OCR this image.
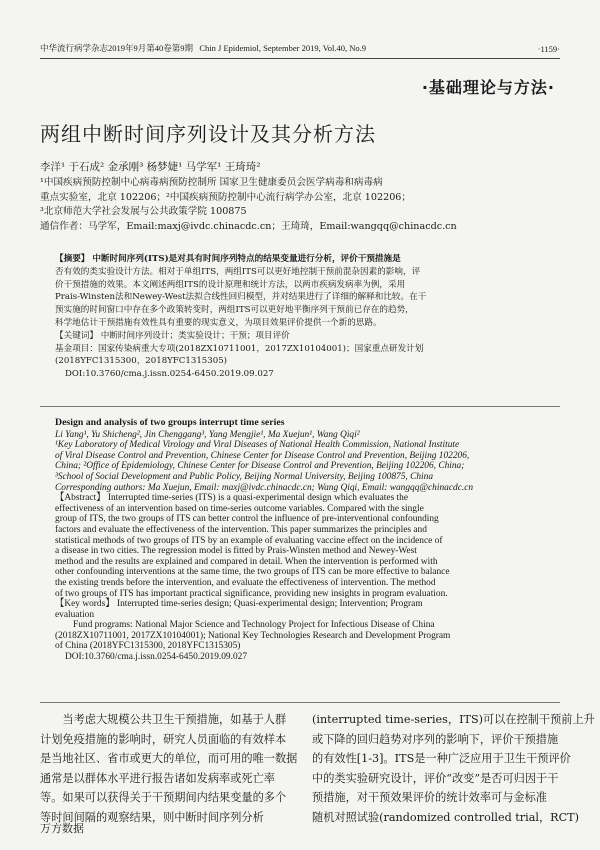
中华流行病学杂志2019年9月第40卷第9期 Chin J Epidemiol, September 2019, Vol.40, No.9	·1159·
·基础理论与方法·
两组中断时间序列设计及其分析方法
李洋¹ 于石成² 金承刚³ 杨梦婕¹ 马学军¹ 王琦琦²
¹中国疾病预防控制中心病毒病预防控制所 国家卫生健康委员会医学病毒和病毒病
重点实验室，北京 102206；²中国疾病预防控制中心流行病学办公室，北京 102206；
³北京师范大学社会发展与公共政策学院 100875
通信作者：马学军，Email:maxj@ivdc.chinacdc.cn；王琦琦，Email:wangqq@chinacdc.cn
【摘要】 中断时间序列(ITS)是对具有时间序列特点的结果变量进行分析，评价干预措施是
否有效的类实验设计方法。相对于单组ITS，两组ITS可以更好地控制干预前混杂因素的影响，评
价干预措施的效果。本文阐述两组ITS的设计原理和统计方法，以两市疾病发病率为例，采用
Prais-Winsten法和Newey-West法拟合线性回归模型，并对结果进行了详细的解释和比较。在干
预实施的时间窗口中存在多个政策转变时，两组ITS可以更好地平衡序列干预前已存在的趋势，
科学地估计干预措施有效性具有重要的现实意义，为项目效果评价提供一个新的思路。
【关键词】 中断时间序列设计；类实验设计；干预；项目评价
基金项目：国家传染病重大专项(2018ZX10711001，2017ZX10104001)；国家重点研发计划
(2018YFC1315300，2018YFC1315305)
DOI:10.3760/cma.j.issn.0254-6450.2019.09.027
Design and analysis of two groups interrupt time series
Li Yang¹, Yu Shicheng², Jin Chenggang³, Yang Mengjie¹, Ma Xuejun¹, Wang Qiqi²
¹Key Laboratory of Medical Virology and Viral Diseases of National Health Commission, National Institute
of Viral Disease Control and Prevention, Chinese Center for Disease Control and Prevention, Beijing 102206,
China; ²Office of Epidemiology, Chinese Center for Disease Control and Prevention, Beijing 102206, China;
³School of Social Development and Public Policy, Beijing Normal University, Beijing 100875, China
Corresponding authors: Ma Xuejun, Email: maxj@ivdc.chinacdc.cn; Wang Qiqi, Email: wangqq@chinacdc.cn
【Abstract】 Interrupted time-series (ITS) is a quasi-experimental design which evaluates the
effectiveness of an intervention based on time-series outcome variables. Compared with the single
group of ITS, the two groups of ITS can better control the influence of pre-interventional confounding
factors and evaluate the effectiveness of the intervention. This paper summarizes the principles and
statistical methods of two groups of ITS by an example of evaluating vaccine effect on the incidence of
a disease in two cities. The regression model is fitted by Prais-Winsten method and Newey-West
method and the results are explained and compared in detail. When the intervention is performed with
other confounding interventions at the same time, the two groups of ITS can be more effective to balance
the existing trends before the intervention, and evaluate the effectiveness of intervention. The method
of two groups of ITS has important practical significance, providing new insights in program evaluation.
【Key words】 Interrupted time-series design; Quasi-experimental design; Intervention; Program
evaluation
Fund programs: National Major Science and Technology Project for Infectious Disease of China
(2018ZX10711001, 2017ZX10104001); National Key Technologies Research and Development Program
of China (2018YFC1315300, 2018YFC1315305)
DOI:10.3760/cma.j.issn.0254-6450.2019.09.027
　　当考虑大规模公共卫生干预措施，如基于人群
计划免疫措施的影响时，研究人员面临的有效样本
是当地社区、省市或更大的单位，而可用的唯一数据
通常是以群体水平进行报告诸如发病率或死亡率
等。如果可以获得关于干预期间内结果变量的多个
等时间间隔的观察结果，则中断时间序列分析
(interrupted time-series，ITS)可以在控制干预前上升
或下降的回归趋势对序列的影响下，评价干预措施
的有效性[1-3]。ITS是一种广泛应用于卫生干预评价
中的类实验研究设计，评价“改变”是否可归因于干
预措施，对干预效果评价的统计效率可与金标准
随机对照试验(randomized controlled trial，RCT)
万方数据
